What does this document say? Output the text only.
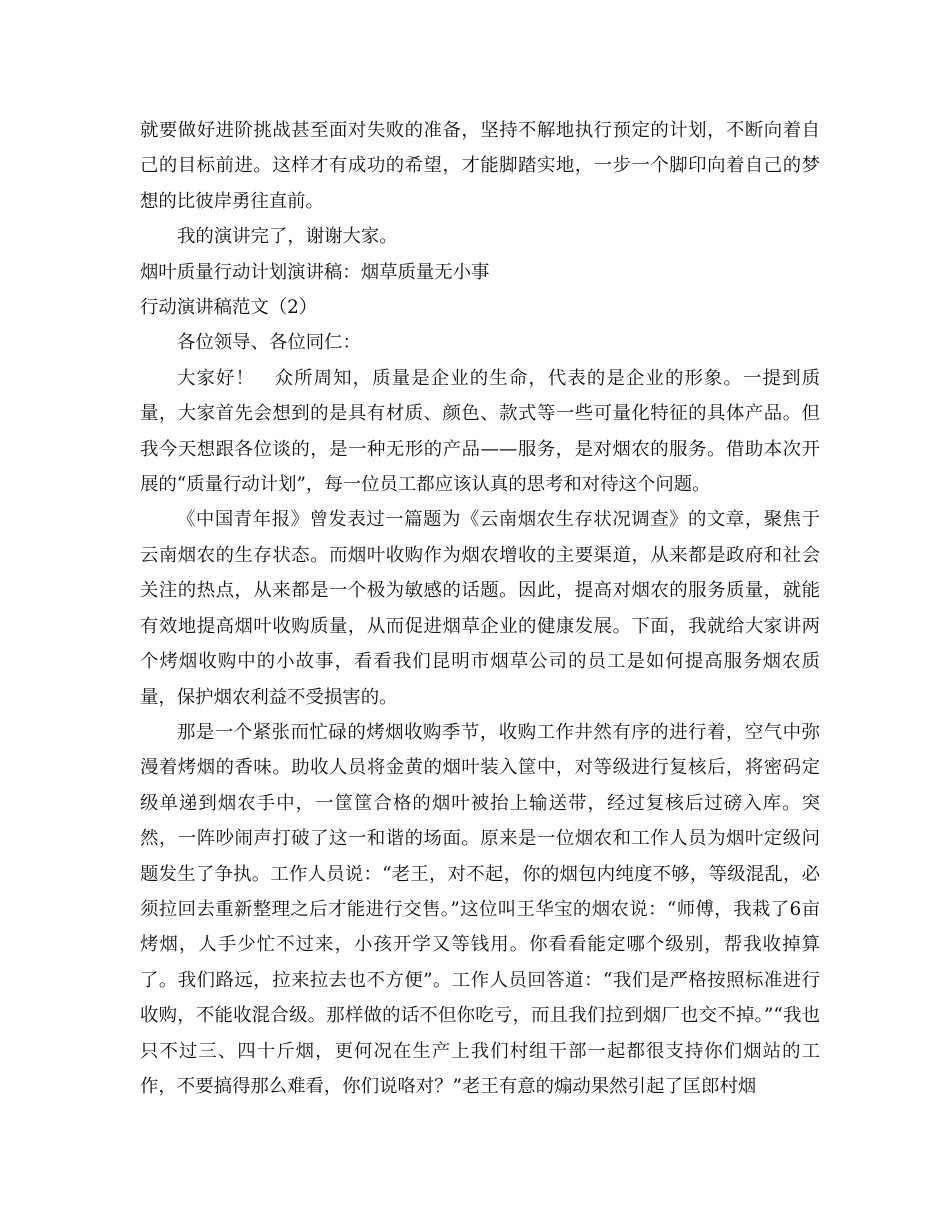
就要做好进阶挑战甚至面对失败的准备，坚持不解地执行预定的计划，不断向着自己的目标前进。这样才有成功的希望，才能脚踏实地，一步一个脚印向着自己的梦想的比彼岸勇往直前。

我的演讲完了，谢谢大家。

烟叶质量行动计划演讲稿：烟草质量无小事

行动演讲稿范文（2）

各位领导、各位同仁：

大家好！　众所周知，质量是企业的生命，代表的是企业的形象。一提到质量，大家首先会想到的是具有材质、颜色、款式等一些可量化特征的具体产品。但我今天想跟各位谈的，是一种无形的产品——服务，是对烟农的服务。借助本次开展的“质量行动计划”，每一位员工都应该认真的思考和对待这个问题。

《中国青年报》曾发表过一篇题为《云南烟农生存状况调查》的文章，聚焦于云南烟农的生存状态。而烟叶收购作为烟农增收的主要渠道，从来都是政府和社会关注的热点，从来都是一个极为敏感的话题。因此，提高对烟农的服务质量，就能有效地提高烟叶收购质量，从而促进烟草企业的健康发展。下面，我就给大家讲两个烤烟收购中的小故事，看看我们昆明市烟草公司的员工是如何提高服务烟农质量，保护烟农利益不受损害的。

那是一个紧张而忙碌的烤烟收购季节，收购工作井然有序的进行着，空气中弥漫着烤烟的香味。助收人员将金黄的烟叶装入筐中，对等级进行复核后，将密码定级单递到烟农手中，一筐筐合格的烟叶被抬上输送带，经过复核后过磅入库。突然，一阵吵闹声打破了这一和谐的场面。原来是一位烟农和工作人员为烟叶定级问题发生了争执。工作人员说：“老王，对不起，你的烟包内纯度不够，等级混乱，必须拉回去重新整理之后才能进行交售。”这位叫王华宝的烟农说：“师傅，我栽了6亩烤烟，人手少忙不过来，小孩开学又等钱用。你看看能定哪个级别，帮我收掉算了。我们路远，拉来拉去也不方便”。工作人员回答道：“我们是严格按照标准进行收购，不能收混合级。那样做的话不但你吃亏，而且我们拉到烟厂也交不掉。”“我也只不过三、四十斤烟，更何况在生产上我们村组干部一起都很支持你们烟站的工作，不要搞得那么难看，你们说咯对？”老王有意的煽动果然引起了匡郎村烟
